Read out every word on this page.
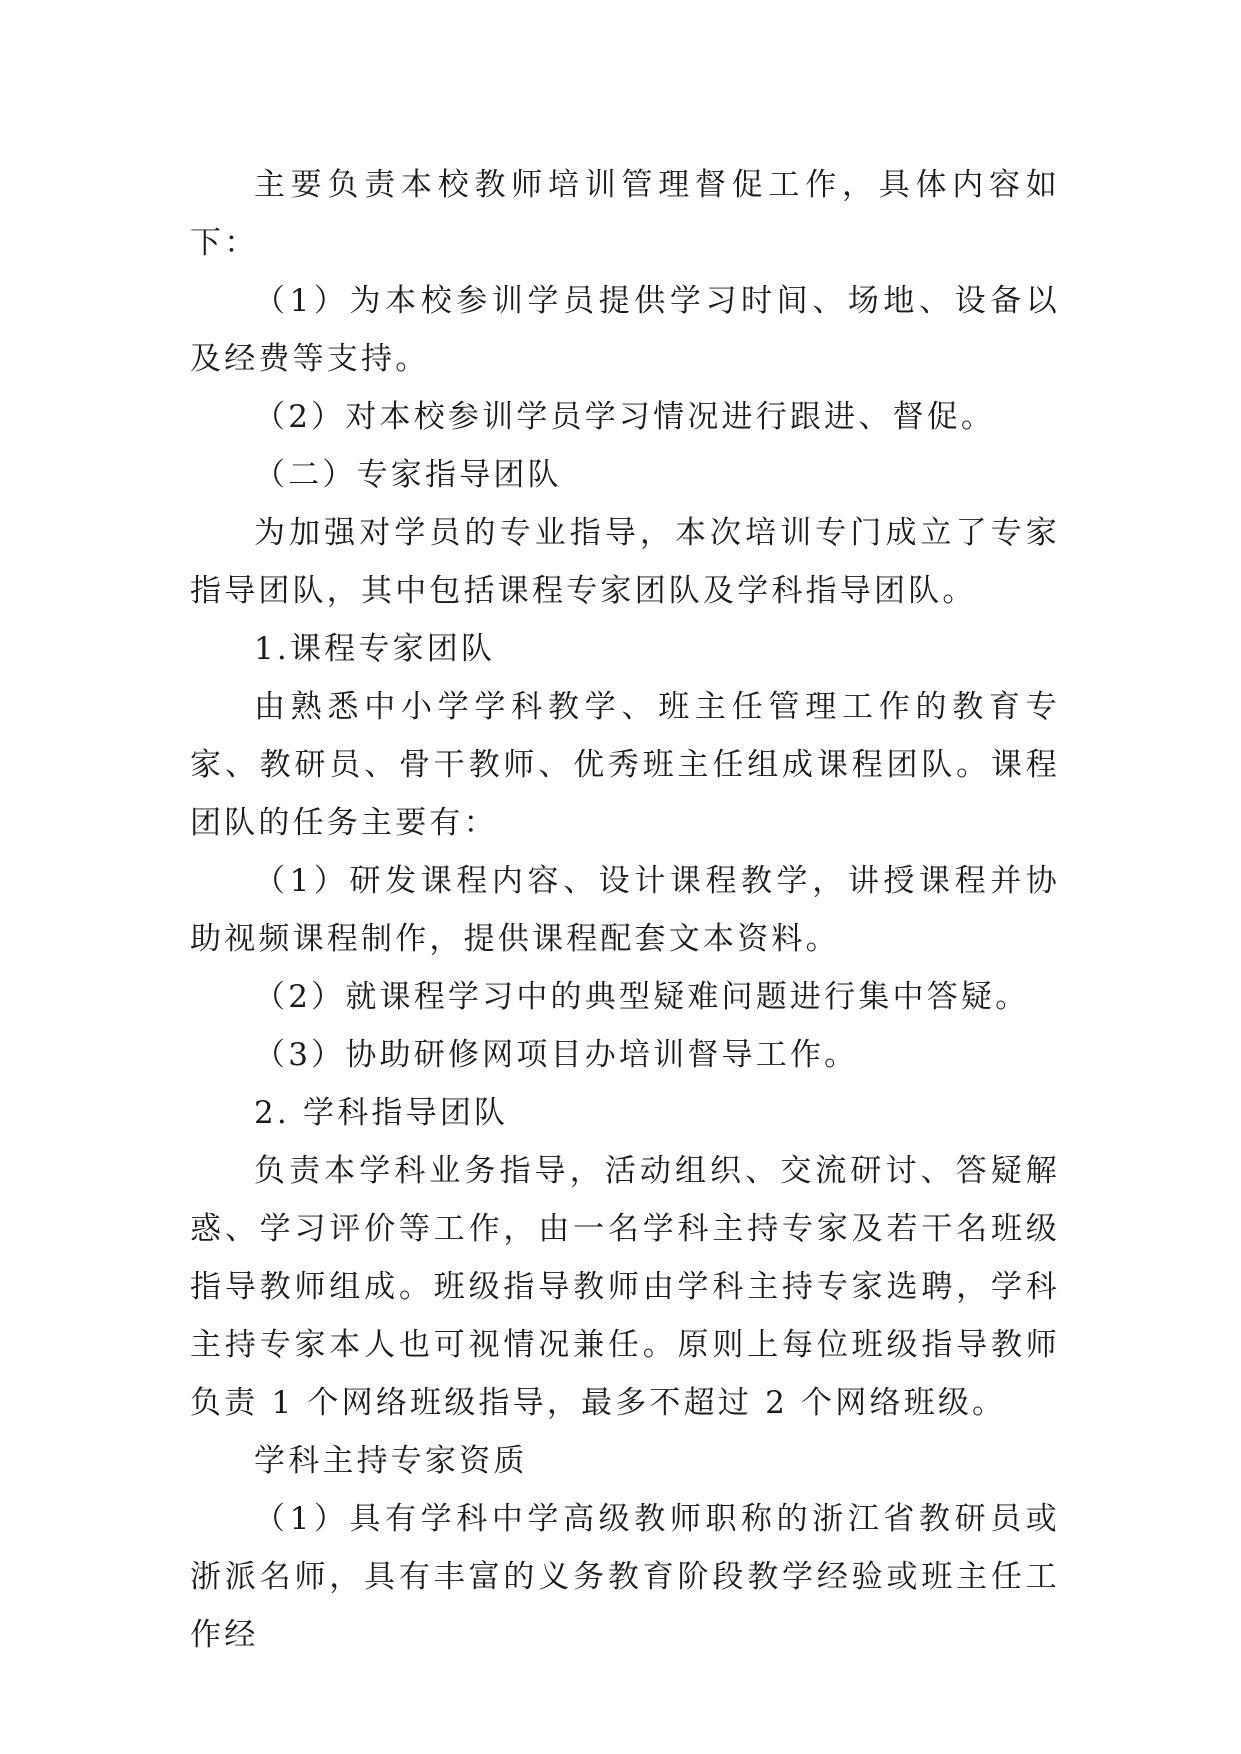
主要负责本校教师培训管理督促工作，具体内容如下：

（1）为本校参训学员提供学习时间、场地、设备以及经费等支持。

（2）对本校参训学员学习情况进行跟进、督促。

（二）专家指导团队

为加强对学员的专业指导，本次培训专门成立了专家指导团队，其中包括课程专家团队及学科指导团队。

1.课程专家团队

由熟悉中小学学科教学、班主任管理工作的教育专家、教研员、骨干教师、优秀班主任组成课程团队。课程团队的任务主要有：

（1）研发课程内容、设计课程教学，讲授课程并协助视频课程制作，提供课程配套文本资料。

（2）就课程学习中的典型疑难问题进行集中答疑。

（3）协助研修网项目办培训督导工作。

2. 学科指导团队

负责本学科业务指导，活动组织、交流研讨、答疑解惑、学习评价等工作，由一名学科主持专家及若干名班级指导教师组成。班级指导教师由学科主持专家选聘，学科主持专家本人也可视情况兼任。原则上每位班级指导教师负责 1 个网络班级指导，最多不超过 2 个网络班级。

学科主持专家资质

（1）具有学科中学高级教师职称的浙江省教研员或浙派名师，具有丰富的义务教育阶段教学经验或班主任工作经
